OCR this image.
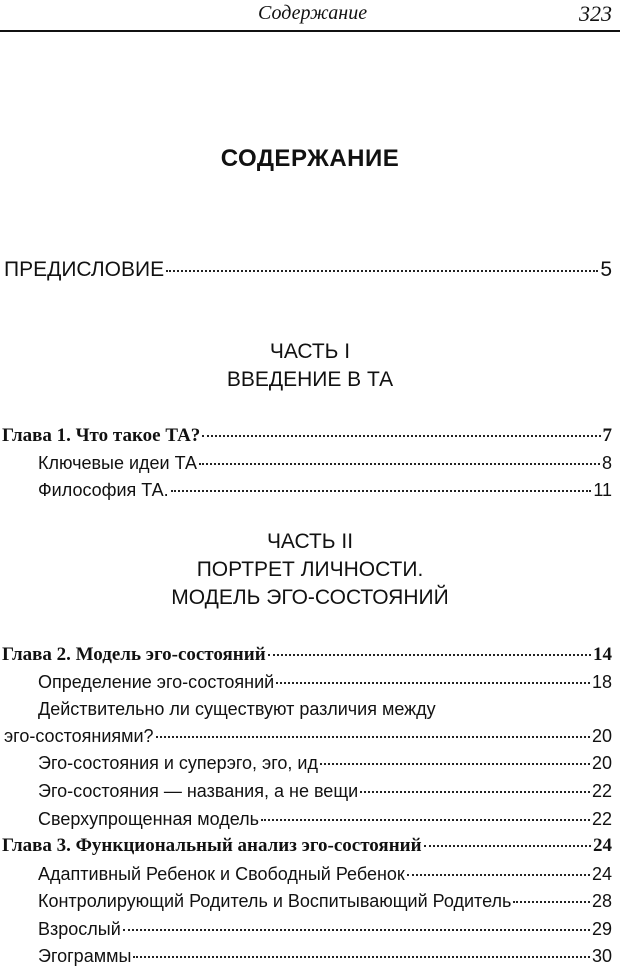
Содержание	323
СОДЕРЖАНИЕ
ПРЕДИСЛОВИЕ	5
ЧАСТЬ I
ВВЕДЕНИЕ В ТА
Глава 1. Что такое ТА?	7
Ключевые идеи ТА	8
Философия ТА.	11
ЧАСТЬ II
ПОРТРЕТ ЛИЧНОСТИ.
МОДЕЛЬ ЭГО-СОСТОЯНИЙ
Глава 2. Модель эго-состояний	14
Определение эго-состояний	18
Действительно ли существуют различия между
эго-состояниями?	20
Эго-состояния и суперэго, эго, ид	20
Эго-состояния — названия, а не вещи	22
Сверхупрощенная модель	22
Глава 3. Функциональный анализ эго-состояний	24
Адаптивный Ребенок и Свободный Ребенок	24
Контролирующий Родитель и Воспитывающий Родитель	28
Взрослый	29
Эгограммы	30
